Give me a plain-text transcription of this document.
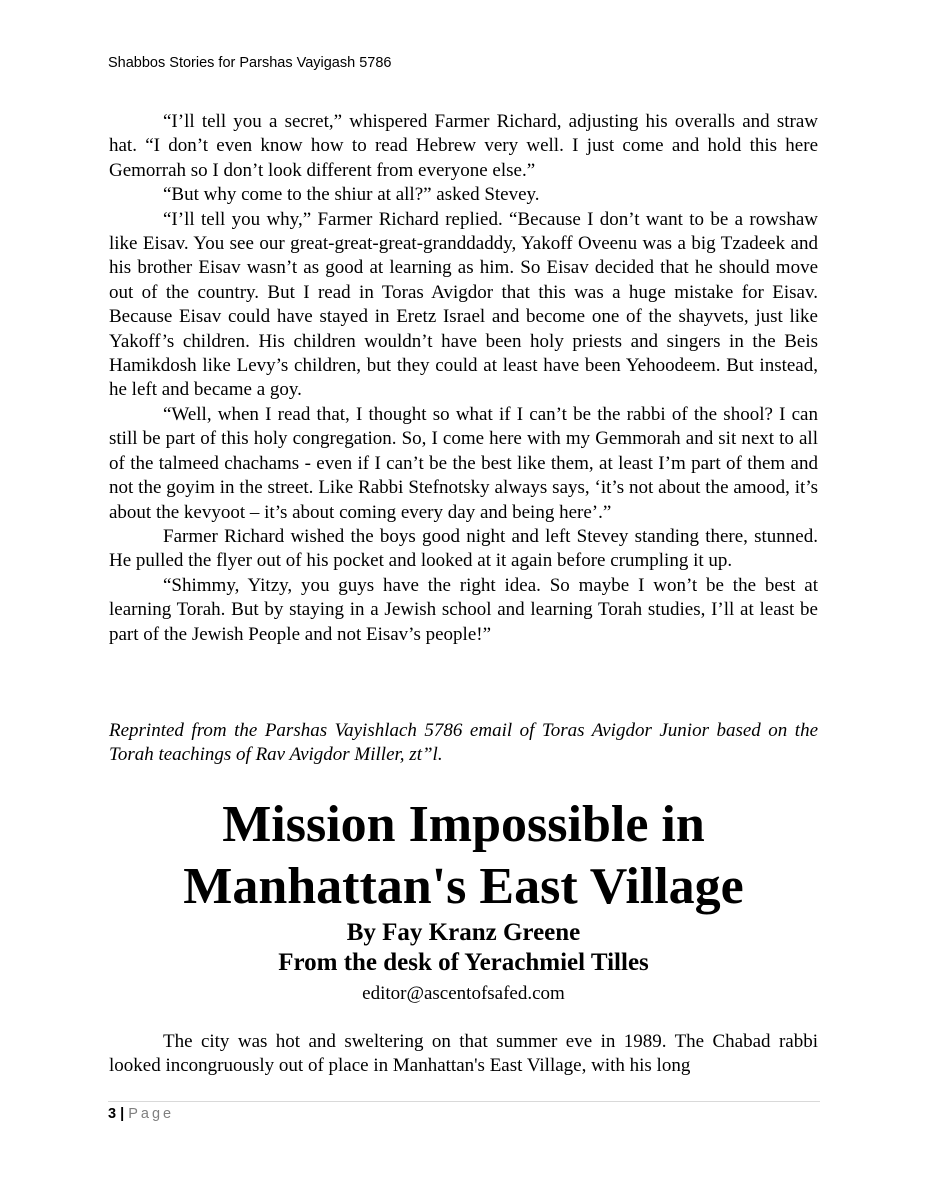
Shabbos Stories for Parshas Vayigash 5786

“I’ll tell you a secret,” whispered Farmer Richard, adjusting his overalls and straw hat. “I don’t even know how to read Hebrew very well. I just come and hold this here Gemorrah so I don’t look different from everyone else.”

“But why come to the shiur at all?” asked Stevey.

“I’ll tell you why,” Farmer Richard replied. “Because I don’t want to be a rowshaw like Eisav. You see our great-great-great-granddaddy, Yakoff Oveenu was a big Tzadeek and his brother Eisav wasn’t as good at learning as him. So Eisav decided that he should move out of the country. But I read in Toras Avigdor that this was a huge mistake for Eisav. Because Eisav could have stayed in Eretz Israel and become one of the shayvets, just like Yakoff’s children. His children wouldn’t have been holy priests and singers in the Beis Hamikdosh like Levy’s children, but they could at least have been Yehoodeem. But instead, he left and became a goy.

“Well, when I read that, I thought so what if I can’t be the rabbi of the shool? I can still be part of this holy congregation. So, I come here with my Gemmorah and sit next to all of the talmeed chachams - even if I can’t be the best like them, at least I’m part of them and not the goyim in the street. Like Rabbi Stefnotsky always says, ‘it’s not about the amood, it’s about the kevyoot – it’s about coming every day and being here’.”

Farmer Richard wished the boys good night and left Stevey standing there, stunned. He pulled the flyer out of his pocket and looked at it again before crumpling it up.

“Shimmy, Yitzy, you guys have the right idea. So maybe I won’t be the best at learning Torah. But by staying in a Jewish school and learning Torah studies, I’ll at least be part of the Jewish People and not Eisav’s people!”

Reprinted from the Parshas Vayishlach 5786 email of Toras Avigdor Junior based on the Torah teachings of Rav Avigdor Miller, zt”l.

Mission Impossible in
Manhattan's East Village
By Fay Kranz Greene
From the desk of Yerachmiel Tilles
editor@ascentofsafed.com

The city was hot and sweltering on that summer eve in 1989. The Chabad rabbi looked incongruously out of place in Manhattan's East Village, with his long

3 | Page
